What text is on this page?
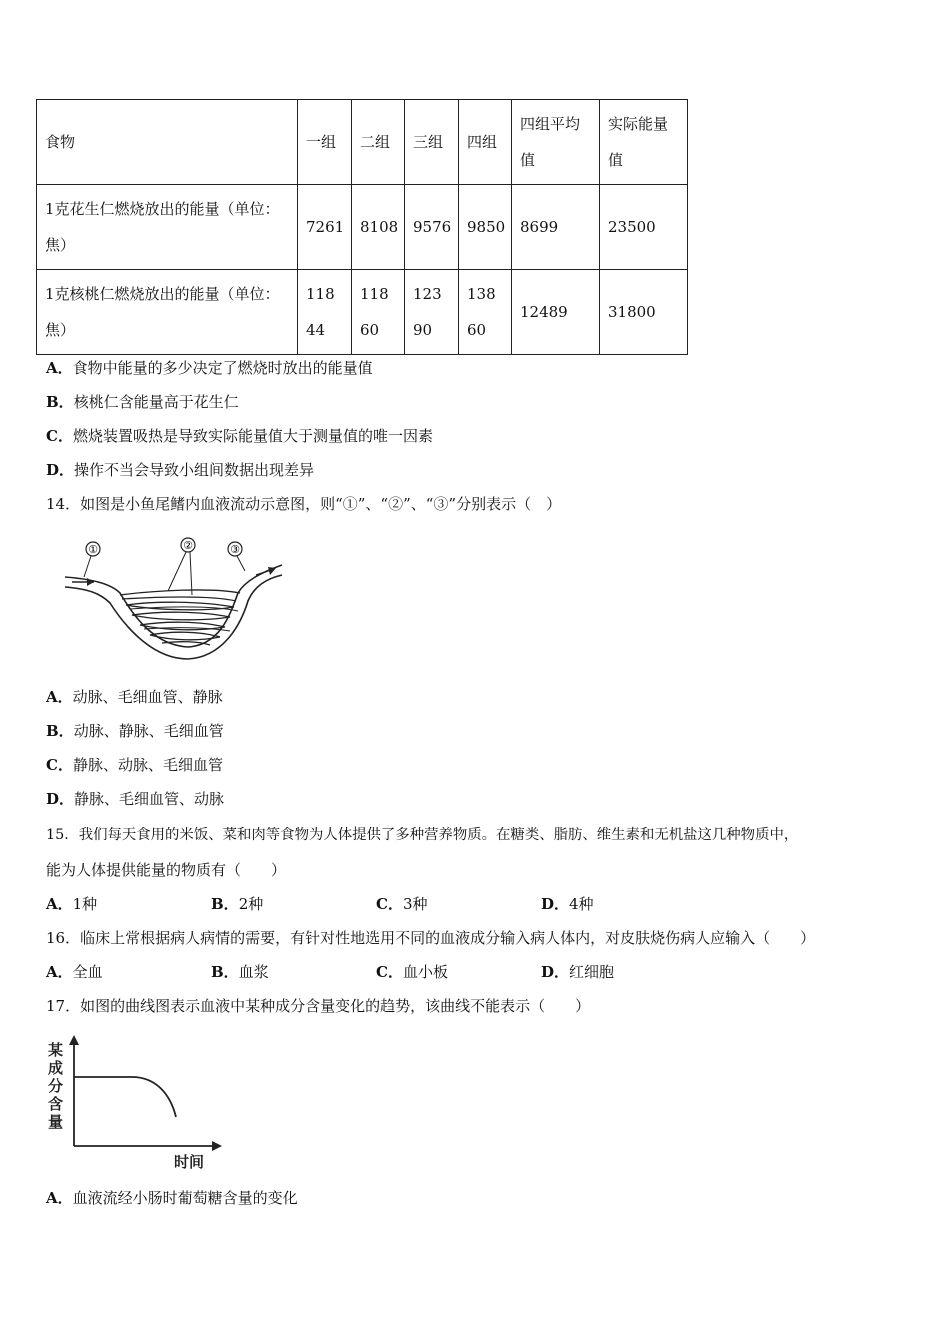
食物	一组	二组	三组	四组	四组平均值	实际能量值
1克花生仁燃烧放出的能量（单位：焦）	7261	8108	9576	9850	8699	23500
1克核桃仁燃烧放出的能量（单位：焦）	11844	11860	12390	13860	12489	31800
A．食物中能量的多少决定了燃烧时放出的能量值
B．核桃仁含能量高于花生仁
C．燃烧装置吸热是导致实际能量值大于测量值的唯一因素
D．操作不当会导致小组间数据出现差异
14．如图是小鱼尾鳍内血液流动示意图，则“①”、“②”、“③”分别表示（　）
①	②	③
A．动脉、毛细血管、静脉
B．动脉、静脉、毛细血管
C．静脉、动脉、毛细血管
D．静脉、毛细血管、动脉
15．我们每天食用的米饭、菜和肉等食物为人体提供了多种营养物质。在糖类、脂肪、维生素和无机盐这几种物质中，
能为人体提供能量的物质有（　　）
A．1种	B．2种	C．3种	D．4种
16．临床上常根据病人病情的需要，有针对性地选用不同的血液成分输入病人体内，对皮肤烧伤病人应输入（　　）
A．全血	B．血浆	C．血小板	D．红细胞
17．如图的曲线图表示血液中某种成分含量变化的趋势，该曲线不能表示（　　）
某
成
分
含
量
时间
A．血液流经小肠时葡萄糖含量的变化
